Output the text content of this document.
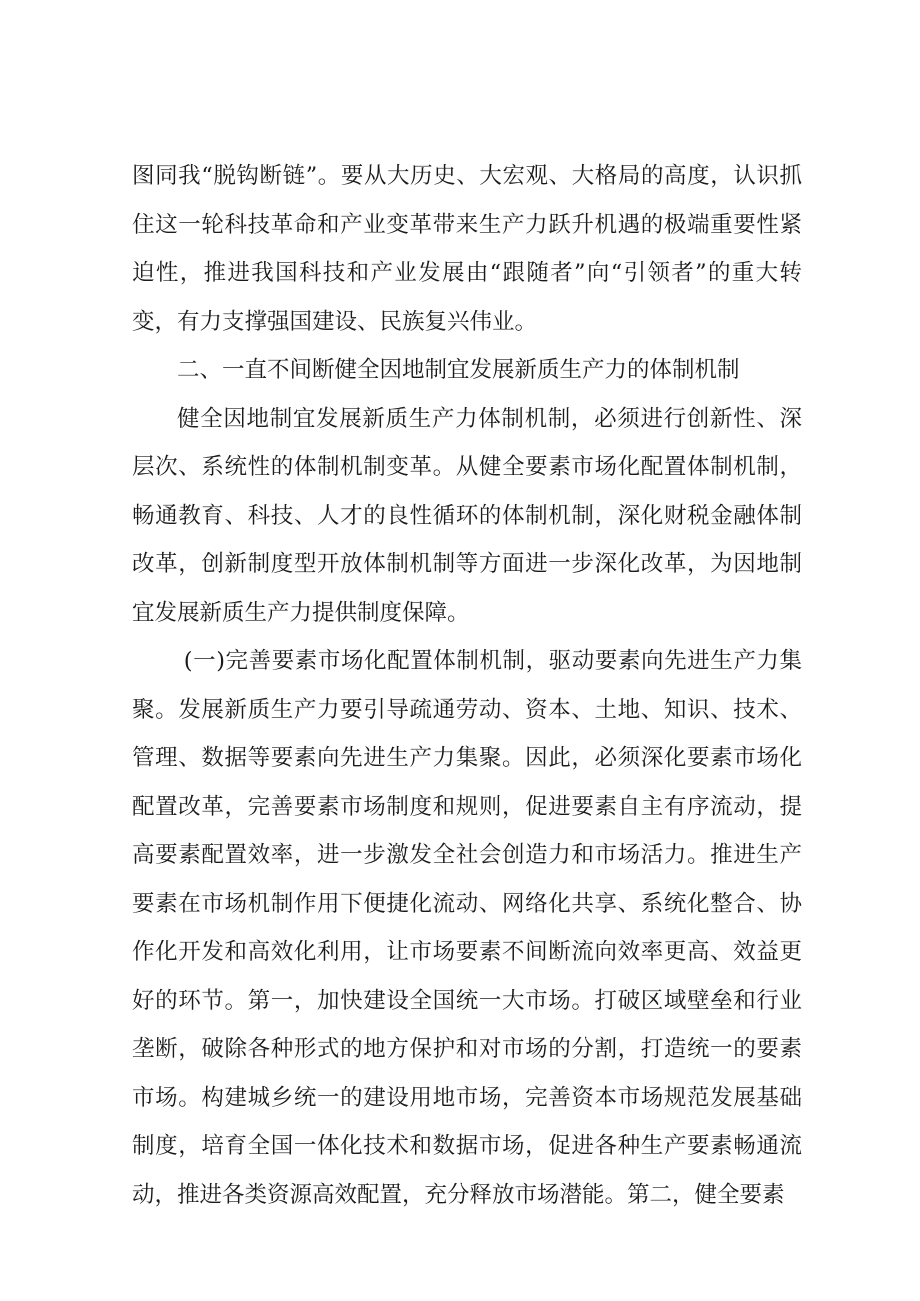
图同我“脱钩断链”。要从大历史、大宏观、大格局的高度，认识抓住这一轮科技革命和产业变革带来生产力跃升机遇的极端重要性紧迫性，推进我国科技和产业发展由“跟随者”向“引领者”的重大转变，有力支撑强国建设、民族复兴伟业。

二、一直不间断健全因地制宜发展新质生产力的体制机制

健全因地制宜发展新质生产力体制机制，必须进行创新性、深层次、系统性的体制机制变革。从健全要素市场化配置体制机制，畅通教育、科技、人才的良性循环的体制机制，深化财税金融体制改革，创新制度型开放体制机制等方面进一步深化改革，为因地制宜发展新质生产力提供制度保障。

(一)完善要素市场化配置体制机制，驱动要素向先进生产力集聚。发展新质生产力要引导疏通劳动、资本、土地、知识、技术、管理、数据等要素向先进生产力集聚。因此，必须深化要素市场化配置改革，完善要素市场制度和规则，促进要素自主有序流动，提高要素配置效率，进一步激发全社会创造力和市场活力。推进生产要素在市场机制作用下便捷化流动、网络化共享、系统化整合、协作化开发和高效化利用，让市场要素不间断流向效率更高、效益更好的环节。第一，加快建设全国统一大市场。打破区域壁垒和行业垄断，破除各种形式的地方保护和对市场的分割，打造统一的要素市场。构建城乡统一的建设用地市场，完善资本市场规范发展基础制度，培育全国一体化技术和数据市场，促进各种生产要素畅通流动，推进各类资源高效配置，充分释放市场潜能。第二，健全要素
